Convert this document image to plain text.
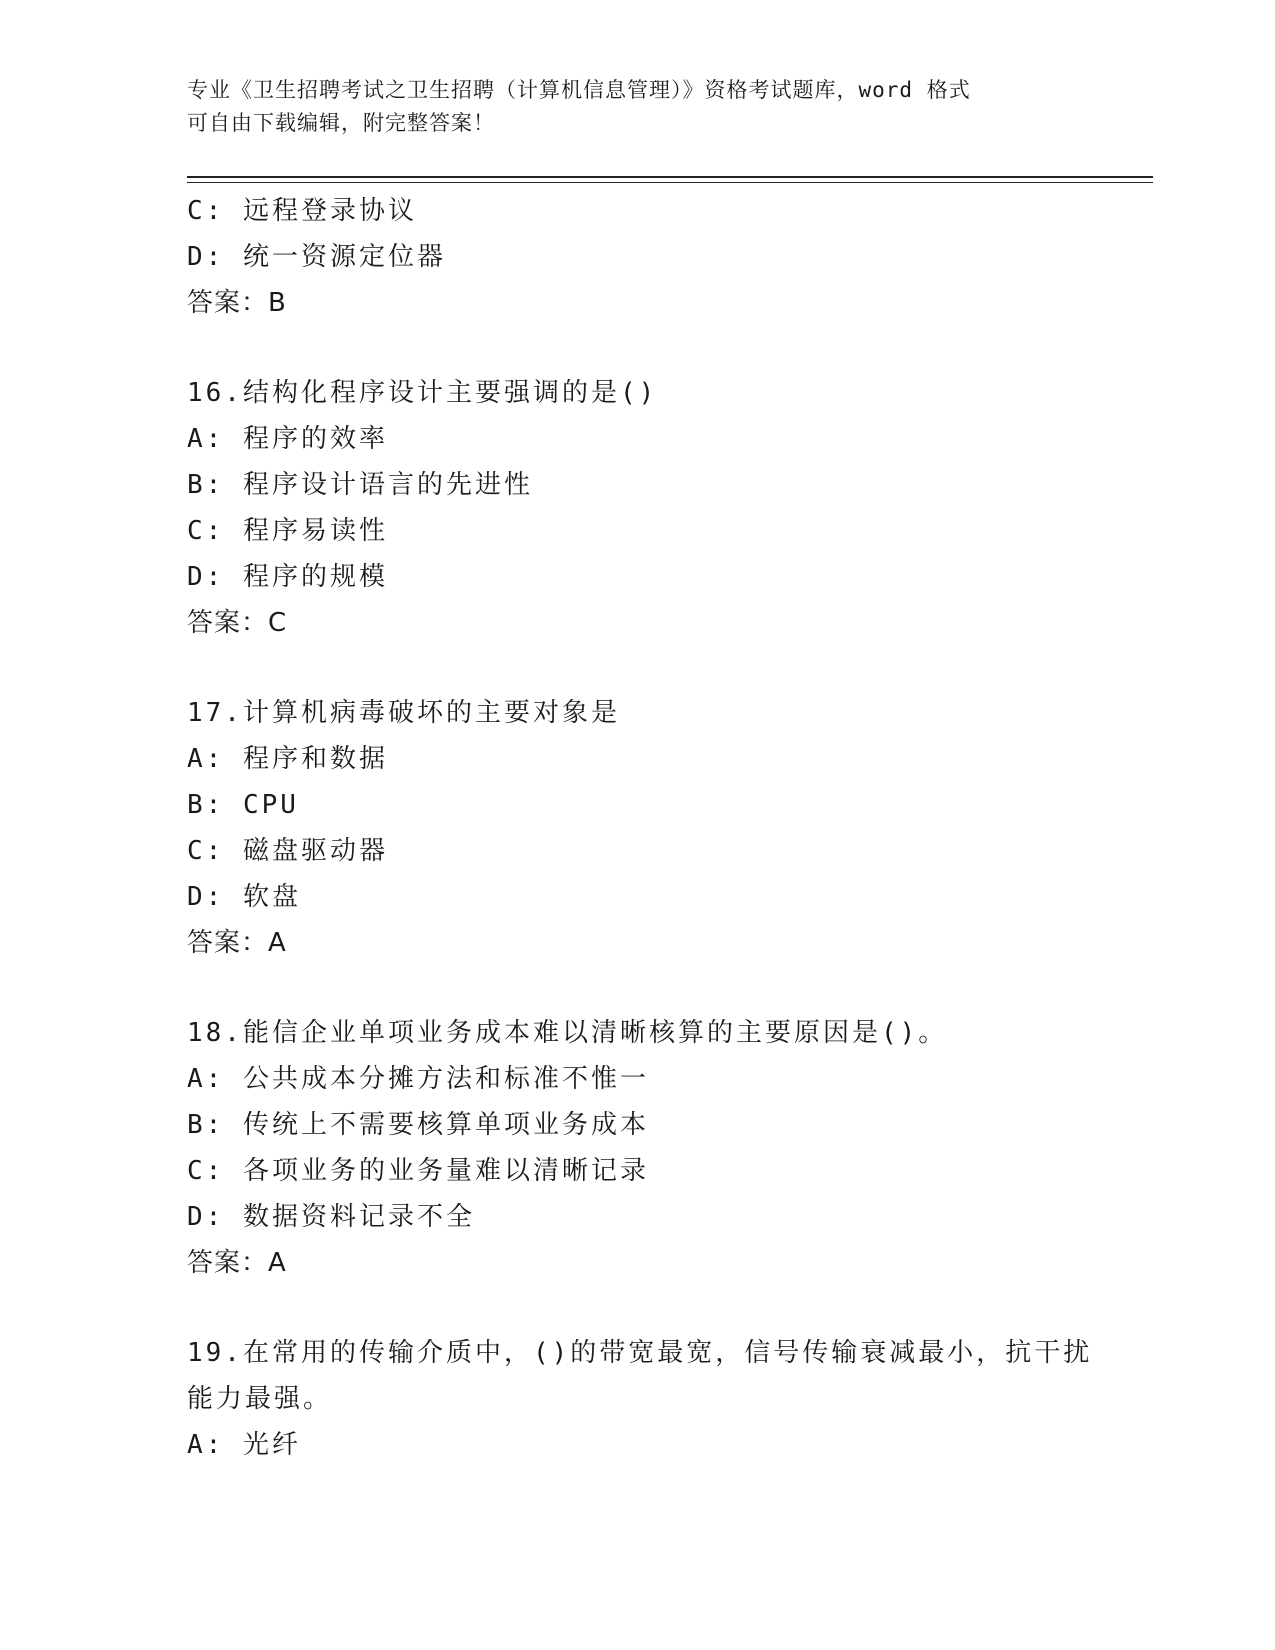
专业《卫生招聘考试之卫生招聘（计算机信息管理）》资格考试题库，word 格式
可自由下载编辑，附完整答案！
C: 远程登录协议
D: 统一资源定位器
答案：B
16.结构化程序设计主要强调的是()
A: 程序的效率
B: 程序设计语言的先进性
C: 程序易读性
D: 程序的规模
答案：C
17.计算机病毒破坏的主要对象是
A: 程序和数据
B: CPU
C: 磁盘驱动器
D: 软盘
答案：A
18.能信企业单项业务成本难以清晰核算的主要原因是()。
A: 公共成本分摊方法和标准不惟一
B: 传统上不需要核算单项业务成本
C: 各项业务的业务量难以清晰记录
D: 数据资料记录不全
答案：A
19.在常用的传输介质中，()的带宽最宽，信号传输衰减最小，抗干扰
能力最强。
A: 光纤
